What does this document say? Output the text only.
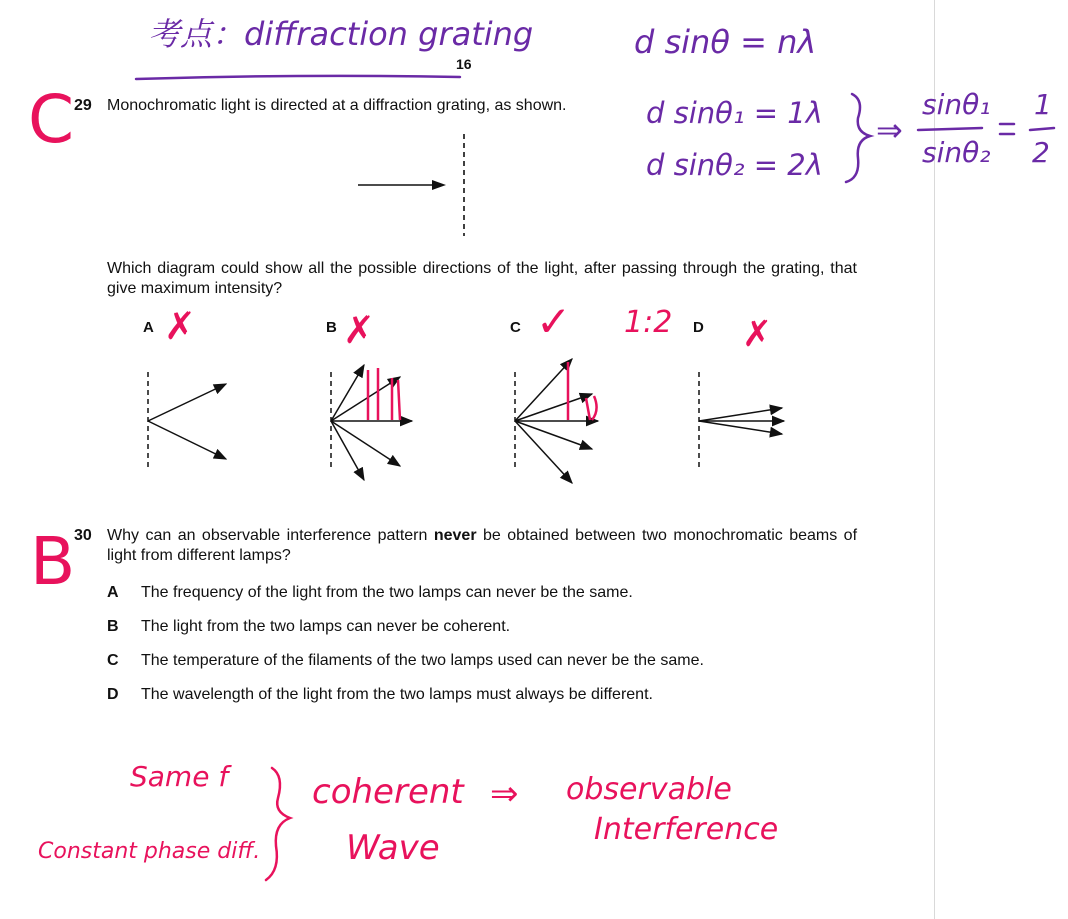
考点：diffraction grating
16
d sinθ = nλ
d sinθ₁ = 1λ
d sinθ₂ = 2λ
⇒
sinθ₁
sinθ₂
1
2
C 29 Monochromatic light is directed at a diffraction grating, as shown.
Which diagram could show all the possible directions of the light, after passing through the grating, that give maximum intensity?
A	B	C	D
✗	✗	✓ 1:2 ✗
B
30 Why can an observable interference pattern never be obtained between two monochromatic beams of light from different lamps?
A	The frequency of the light from the two lamps can never be the same.
B	The light from the two lamps can never be coherent.
C	The temperature of the filaments of the two lamps used can never be the same.
D	The wavelength of the light from the two lamps must always be different.
Same f
Constant phase diff.
coherent
Wave
⇒ observable
Interference
